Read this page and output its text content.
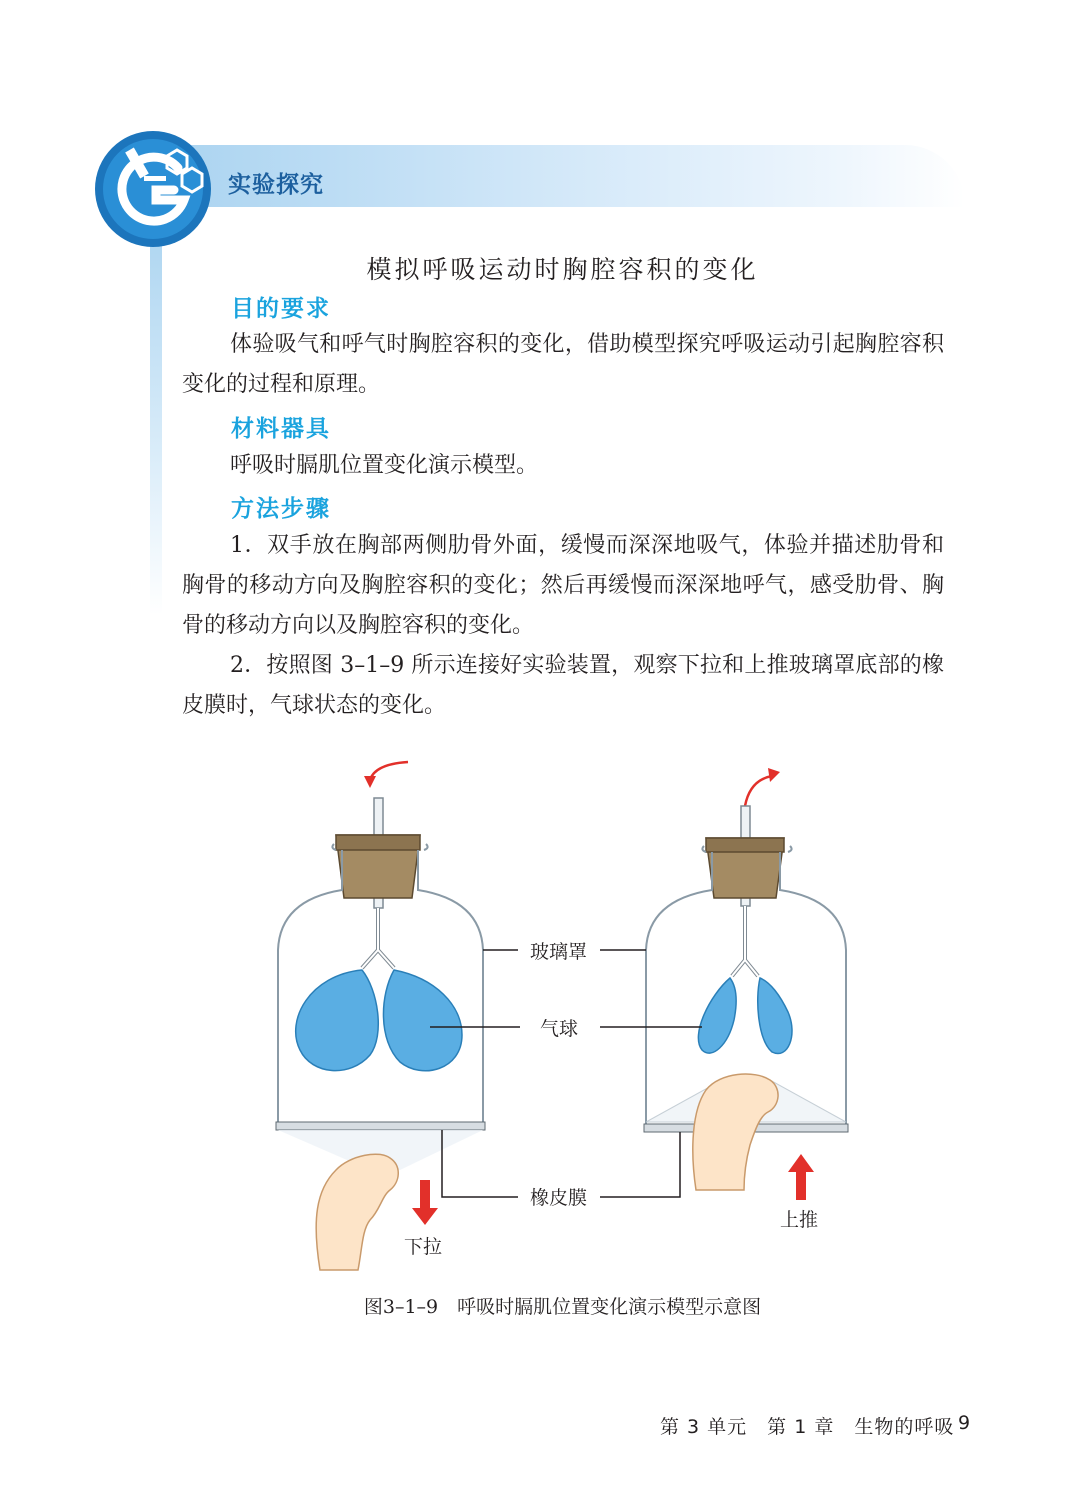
实验探究
模拟呼吸运动时胸腔容积的变化
目的要求
体验吸气和呼气时胸腔容积的变化，借助模型探究呼吸运动引起胸腔容积变化的过程和原理。
材料器具
呼吸时膈肌位置变化演示模型。
方法步骤
1．双手放在胸部两侧肋骨外面，缓慢而深深地吸气，体验并描述肋骨和胸骨的移动方向及胸腔容积的变化；然后再缓慢而深深地呼气，感受肋骨、胸骨的移动方向以及胸腔容积的变化。
2．按照图 3–1–9 所示连接好实验装置，观察下拉和上推玻璃罩底部的橡皮膜时，气球状态的变化。
玻璃罩
气球
橡皮膜
下拉
上推
图3–1–9　呼吸时膈肌位置变化演示模型示意图
第 3 单元　第 1 章　生物的呼吸 9
